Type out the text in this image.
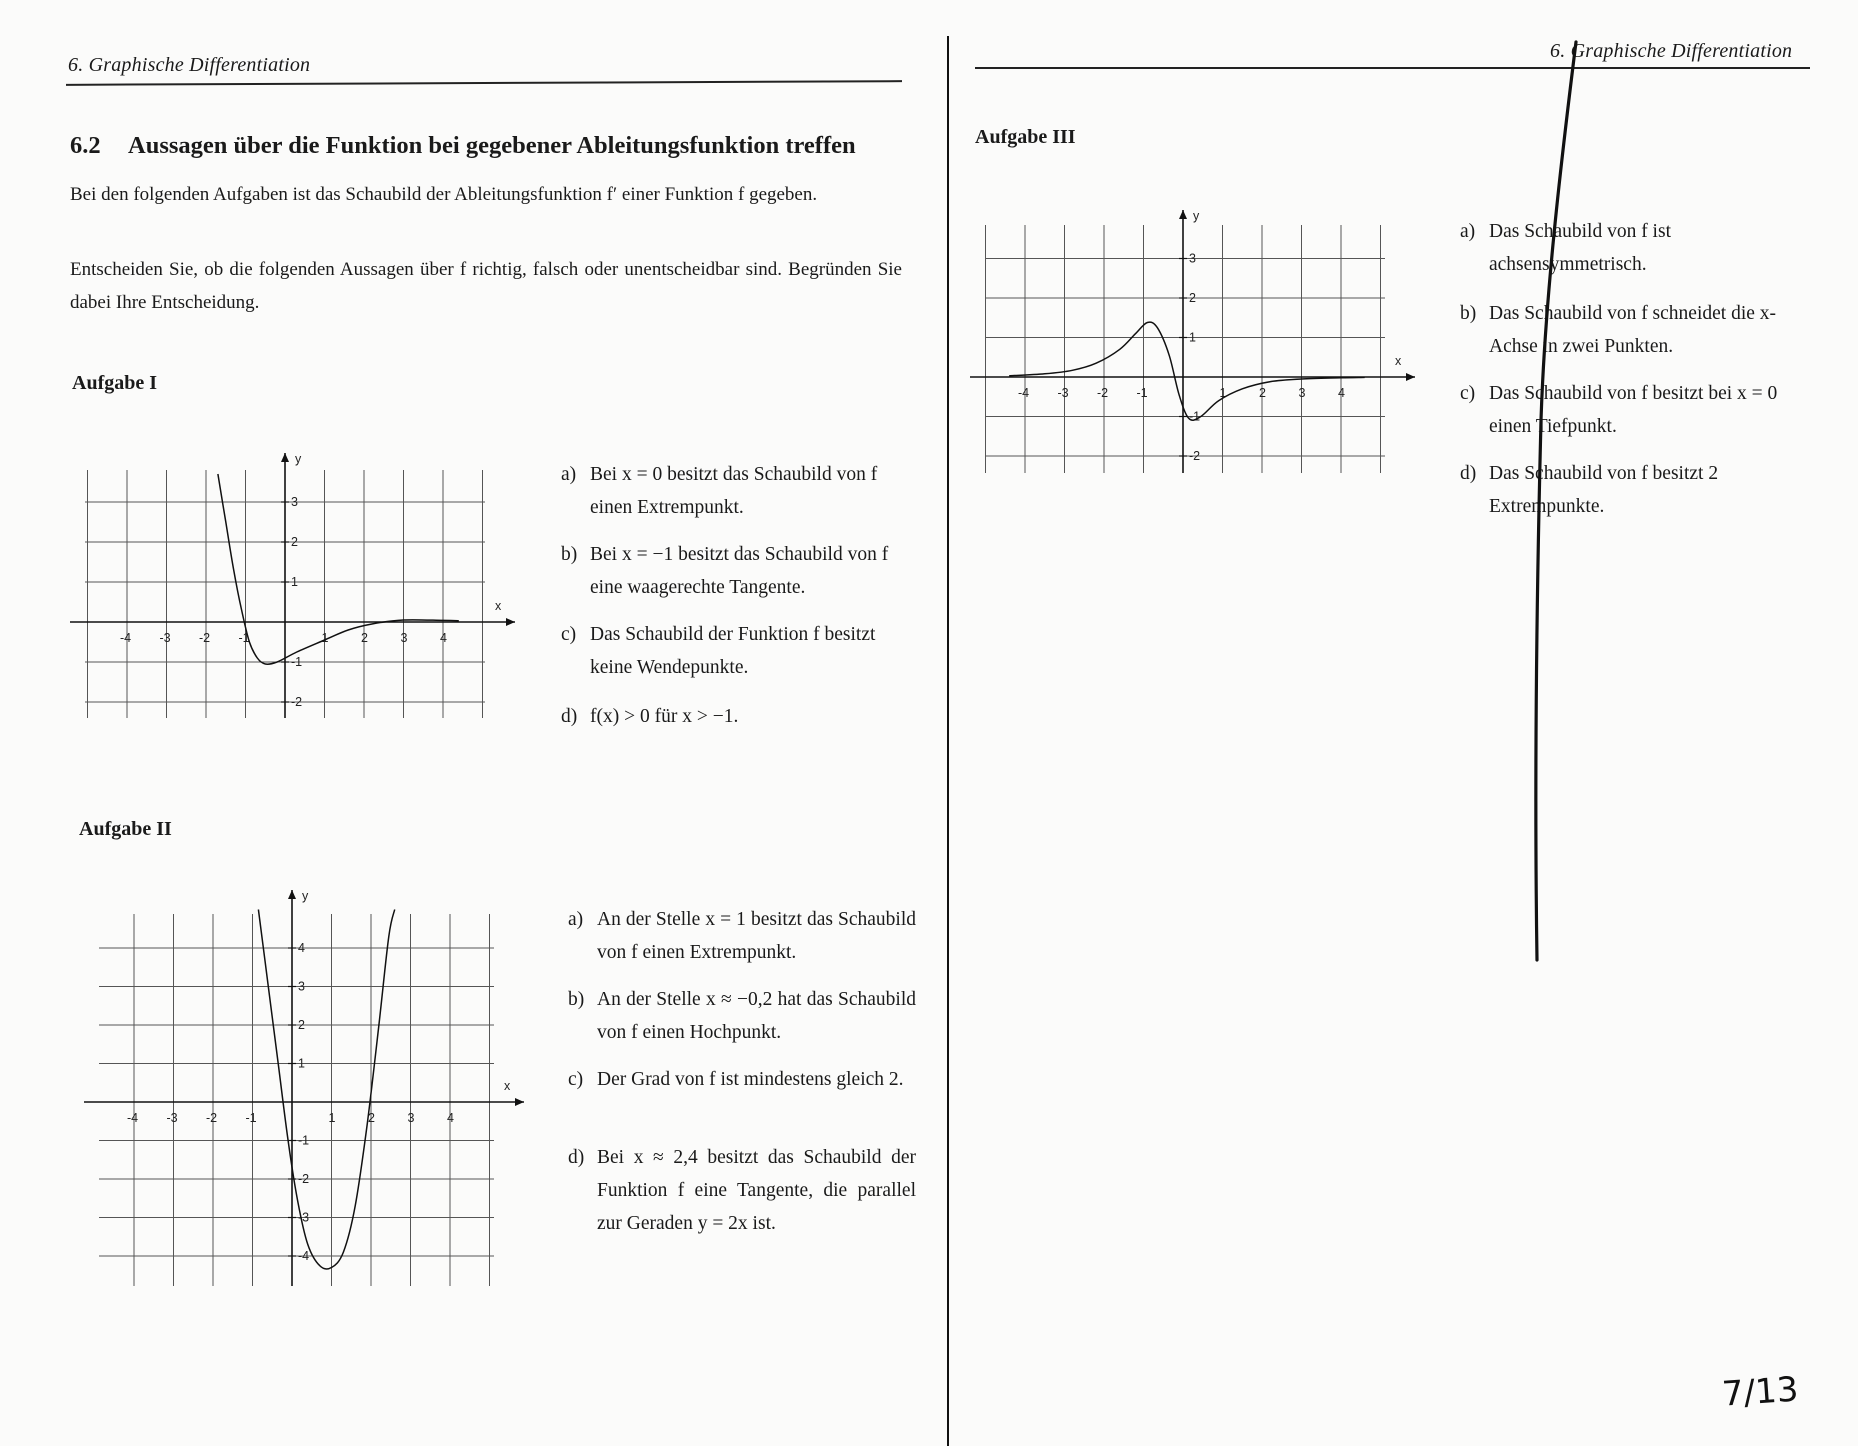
6. Graphische Differentiation
6.2 Aussagen über die Funktion bei gegebener Ableitungsfunktion treffen
Bei den folgenden Aufgaben ist das Schaubild der Ableitungsfunktion f′ einer Funktion f gegeben.
Entscheiden Sie, ob die folgenden Aussagen über f richtig, falsch oder unentscheidbar sind. Begründen Sie dabei Ihre Entscheidung.
Aufgabe I
x
y
-4 -3 -2 -1	1	2	3	4
3
2
1
-1
-2
a) Bei x = 0 besitzt das Schaubild von f einen Extrempunkt.
b) Bei x = −1 besitzt das Schaubild von f eine waagerechte Tangente.
c) Das Schaubild der Funktion f besitzt keine Wendepunkte.
d) f(x) > 0 für x > −1.
Aufgabe II
x
y
-4 -3 -2 -1	1	2	3	4
4
3
2
1
-1
-2
-3
-4
a) An der Stelle x = 1 besitzt das Schaubild von f einen Extrempunkt.
b) An der Stelle x ≈ −0,2 hat das Schaubild von f einen Hochpunkt.
c) Der Grad von f ist mindestens gleich 2.
d) Bei x ≈ 2,4 besitzt das Schaubild der Funktion f eine Tangente, die parallel zur Geraden y = 2x ist.
6. Graphische Differentiation
Aufgabe III
x
y
-4 -3 -2 -1	1	2	3	4
3
2
1
-1
-2
a) Das Schaubild von f ist achsensymmetrisch.
b) Das Schaubild von f schneidet die x-Achse in zwei Punkten.
c) Das Schaubild von f besitzt bei x = 0 einen Tiefpunkt.
d) Das Schaubild von f besitzt 2 Extrempunkte.
7/13
